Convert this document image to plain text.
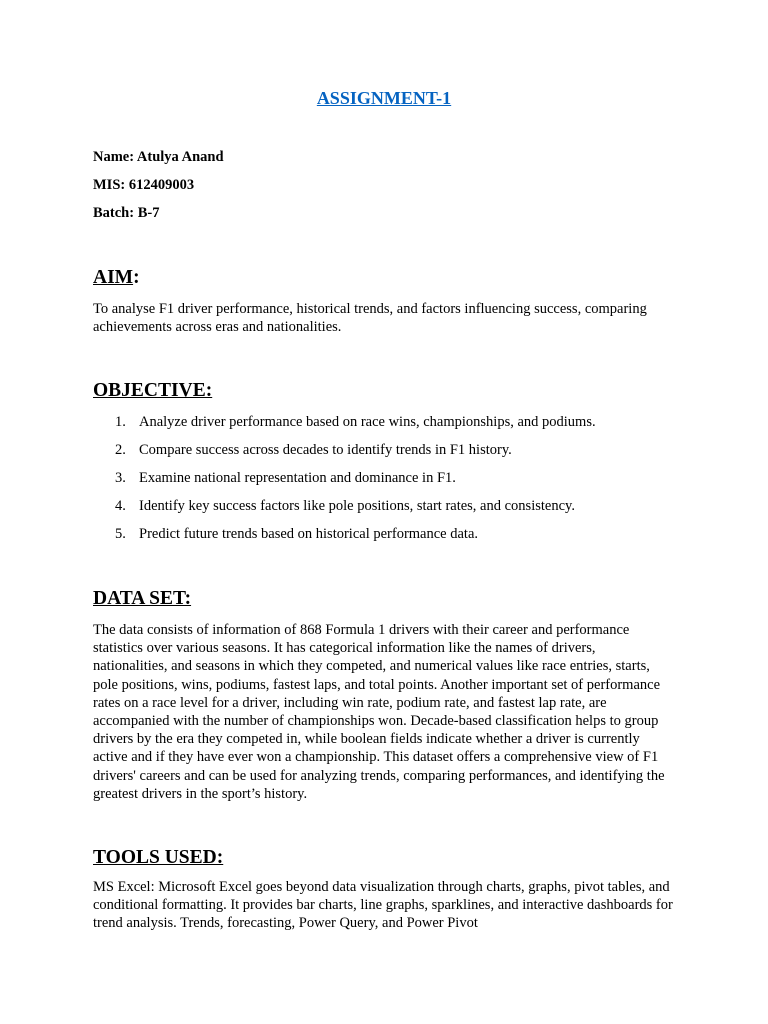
ASSIGNMENT-1
Name: Atulya Anand
MIS: 612409003
Batch: B-7
AIM:
To analyse F1 driver performance, historical trends, and factors influencing success, comparing achievements across eras and nationalities.
OBJECTIVE:
1. Analyze driver performance based on race wins, championships, and podiums.
2. Compare success across decades to identify trends in F1 history.
3. Examine national representation and dominance in F1.
4. Identify key success factors like pole positions, start rates, and consistency.
5. Predict future trends based on historical performance data.
DATA SET:
The data consists of information of 868 Formula 1 drivers with their career and performance statistics over various seasons. It has categorical information like the names of drivers, nationalities, and seasons in which they competed, and numerical values like race entries, starts, pole positions, wins, podiums, fastest laps, and total points. Another important set of performance rates on a race level for a driver, including win rate, podium rate, and fastest lap rate, are accompanied with the number of championships won. Decade-based classification helps to group drivers by the era they competed in, while boolean fields indicate whether a driver is currently active and if they have ever won a championship. This dataset offers a comprehensive view of F1 drivers' careers and can be used for analyzing trends, comparing performances, and identifying the greatest drivers in the sport’s history.
TOOLS USED:
MS Excel: Microsoft Excel goes beyond data visualization through charts, graphs, pivot tables, and conditional formatting. It provides bar charts, line graphs, sparklines, and interactive dashboards for trend analysis. Trends, forecasting, Power Query, and Power Pivot
